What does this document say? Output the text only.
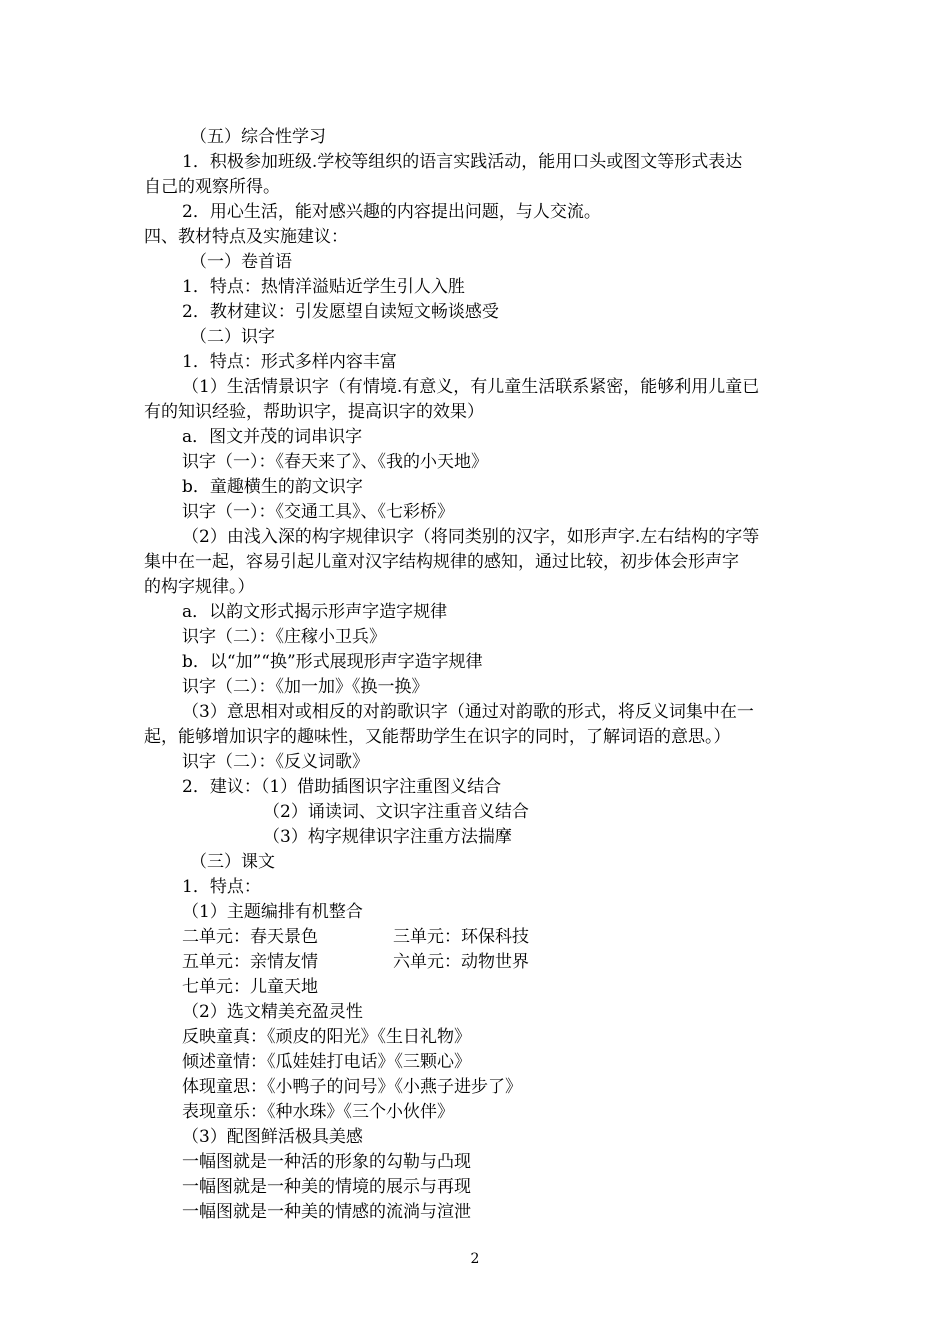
（五）综合性学习
1．积极参加班级.学校等组织的语言实践活动，能用口头或图文等形式表达
自己的观察所得。
2．用心生活，能对感兴趣的内容提出问题，与人交流。
四、教材特点及实施建议：
（一）卷首语
1．特点：热情洋溢贴近学生引人入胜
2．教材建议：引发愿望自读短文畅谈感受
（二）识字
1．特点：形式多样内容丰富
（1）生活情景识字（有情境.有意义，有儿童生活联系紧密，能够利用儿童已
有的知识经验，帮助识字，提高识字的效果）
a．图文并茂的词串识字
识字（一）：《春天来了》、《我的小天地》
b．童趣横生的韵文识字
识字（一）：《交通工具》、《七彩桥》
（2）由浅入深的构字规律识字（将同类别的汉字，如形声字.左右结构的字等
集中在一起，容易引起儿童对汉字结构规律的感知，通过比较，初步体会形声字
的构字规律。）
a．以韵文形式揭示形声字造字规律
识字（二）：《庄稼小卫兵》
b．以“加”“换”形式展现形声字造字规律
识字（二）：《加一加》《换一换》
（3）意思相对或相反的对韵歌识字（通过对韵歌的形式，将反义词集中在一
起，能够增加识字的趣味性，又能帮助学生在识字的同时，了解词语的意思。）
识字（二）：《反义词歌》
2．建议：（1）借助插图识字注重图义结合
（2）诵读词、文识字注重音义结合
（3）构字规律识字注重方法揣摩
（三）课文
1．特点：
（1）主题编排有机整合
二单元：春天景色	三单元：环保科技
五单元：亲情友情	六单元：动物世界
七单元：儿童天地
（2）选文精美充盈灵性
反映童真：《顽皮的阳光》《生日礼物》
倾述童情：《瓜娃娃打电话》《三颗心》
体现童思：《小鸭子的问号》《小燕子进步了》
表现童乐：《种水珠》《三个小伙伴》
（3）配图鲜活极具美感
一幅图就是一种活的形象的勾勒与凸现
一幅图就是一种美的情境的展示与再现
一幅图就是一种美的情感的流淌与渲泄
2
